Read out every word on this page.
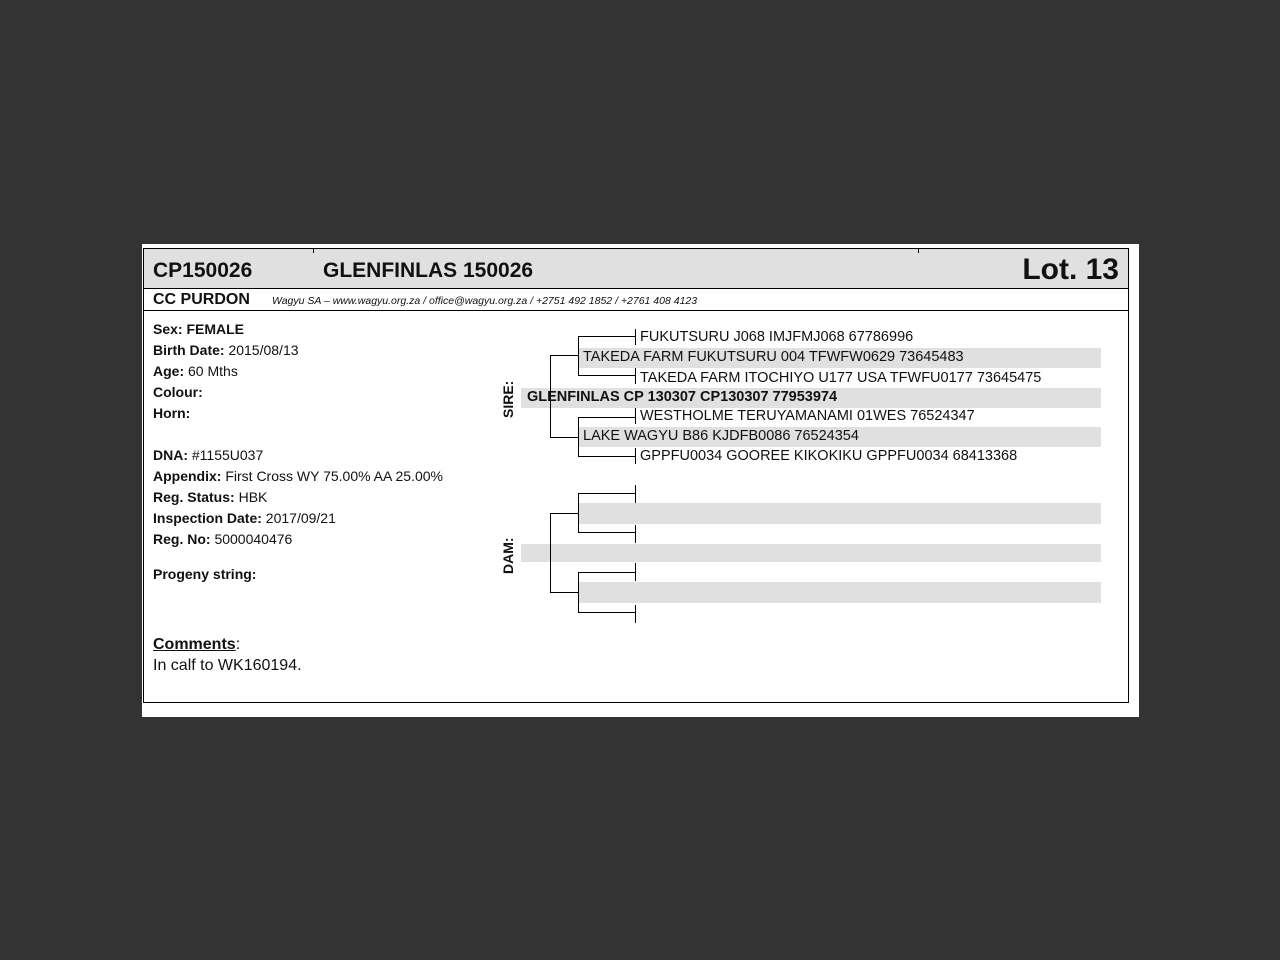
CP150026	GLENFINLAS 150026	Lot. 13
CC PURDON Wagyu SA – www.wagyu.org.za / office@wagyu.org.za / +2751 492 1852 / +2761 408 4123
Sex: FEMALE
Birth Date: 2015/08/13
Age: 60 Mths
Colour:
Horn:
DNA: #1155U037
Appendix: First Cross WY 75.00% AA 25.00%
Reg. Status: HBK
Inspection Date: 2017/09/21
Reg. No: 5000040476
Progeny string:
Comments:
In calf to WK160194.
SIRE:
DAM:
FUKUTSURU J068 IMJFMJ068 67786996
TAKEDA FARM FUKUTSURU 004 TFWFW0629 73645483
TAKEDA FARM ITOCHIYO U177 USA TFWFU0177 73645475
GLENFINLAS CP 130307 CP130307 77953974
WESTHOLME TERUYAMANAMI 01WES 76524347
LAKE WAGYU B86 KJDFB0086 76524354
GPPFU0034 GOOREE KIKOKIKU GPPFU0034 68413368
